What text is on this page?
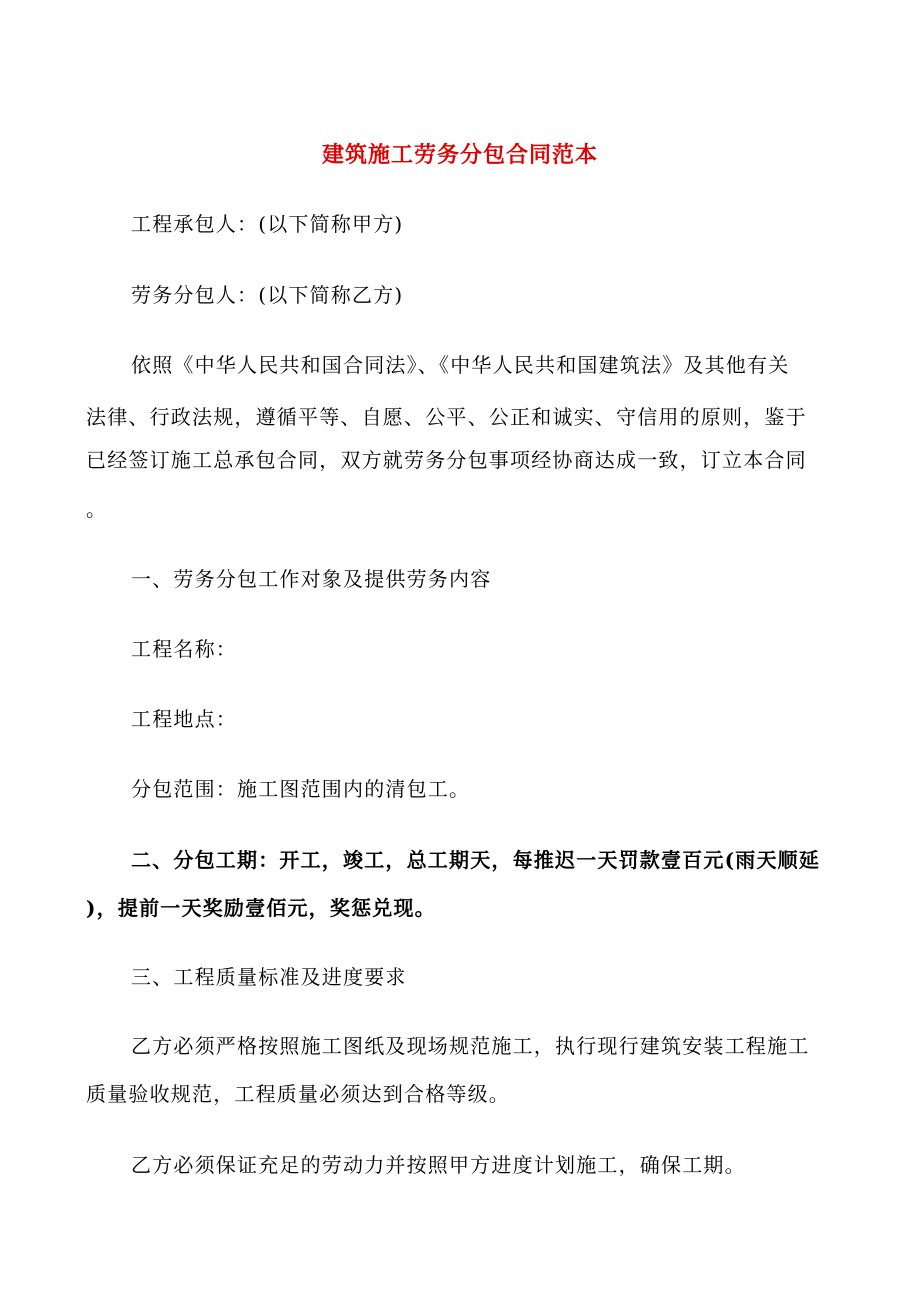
建筑施工劳务分包合同范本
工程承包人：(以下简称甲方)
劳务分包人：(以下简称乙方)
依照《中华人民共和国合同法》、《中华人民共和国建筑法》及其他有关
法律、行政法规，遵循平等、自愿、公平、公正和诚实、守信用的原则，鉴于
已经签订施工总承包合同，双方就劳务分包事项经协商达成一致，订立本合同
。
一、劳务分包工作对象及提供劳务内容
工程名称：
工程地点：
分包范围：施工图范围内的清包工。
二、分包工期：开工，竣工，总工期天，每推迟一天罚款壹百元(雨天顺延
)，提前一天奖励壹佰元，奖惩兑现。
三、工程质量标准及进度要求
乙方必须严格按照施工图纸及现场规范施工，执行现行建筑安装工程施工
质量验收规范，工程质量必须达到合格等级。
乙方必须保证充足的劳动力并按照甲方进度计划施工，确保工期。
